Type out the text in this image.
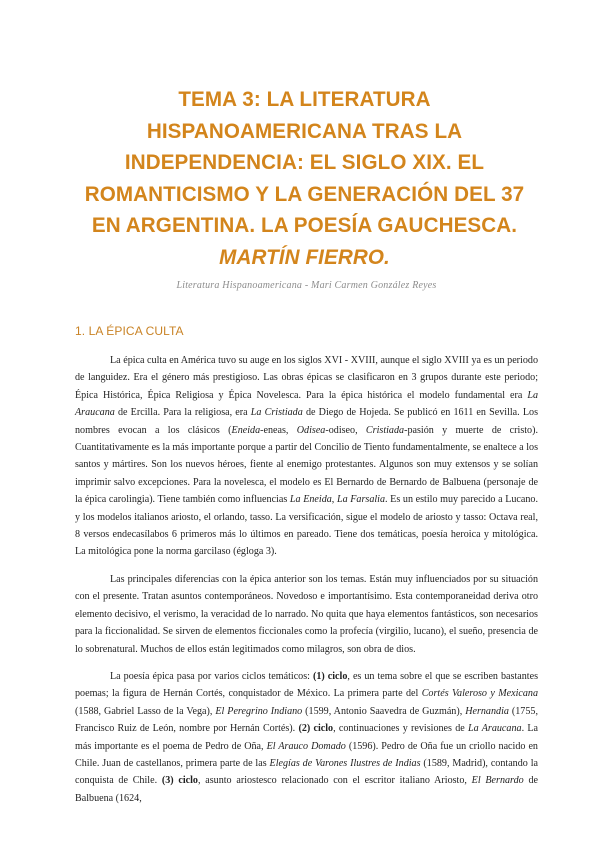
TEMA 3: LA LITERATURA HISPANOAMERICANA TRAS LA INDEPENDENCIA: EL SIGLO XIX. EL ROMANTICISMO Y LA GENERACIÓN DEL 37 EN ARGENTINA. LA POESÍA GAUCHESCA. MARTÍN FIERRO.
Literatura Hispanoamericana - Mari Carmen González Reyes
1. LA ÉPICA CULTA

La épica culta en América tuvo su auge en los siglos XVI - XVIII, aunque el siglo XVIII ya es un periodo de languidez. Era el género más prestigioso. Las obras épicas se clasificaron en 3 grupos durante este periodo; Épica Histórica, Épica Religiosa y Épica Novelesca. Para la épica histórica el modelo fundamental era La Araucana de Ercilla. Para la religiosa, era La Cristiada de Diego de Hojeda. Se publicó en 1611 en Sevilla. Los nombres evocan a los clásicos (Eneida-eneas, Odisea-odiseo, Cristiada-pasión y muerte de cristo). Cuantitativamente es la más importante porque a partir del Concilio de Tiento fundamentalmente, se enaltece a los santos y mártires. Son los nuevos héroes, fiente al enemigo protestantes. Algunos son muy extensos y se solían imprimir salvo excepciones. Para la novelesca, el modelo es El Bernardo de Bernardo de Balbuena (personaje de la épica carolingia). Tiene también como influencias La Eneida, La Farsalia. Es un estilo muy parecido a Lucano. y los modelos italianos ariosto, el orlando, tasso. La versificación, sigue el modelo de ariosto y tasso: Octava real, 8 versos endecasílabos 6 primeros más lo últimos en pareado. Tiene dos temáticas, poesía heroica y mitológica. La mitológica pone la norma garcilaso (égloga 3).

Las principales diferencias con la épica anterior son los temas. Están muy influenciados por su situación con el presente. Tratan asuntos contemporáneos. Novedoso e importantísimo. Esta contemporaneidad deriva otro elemento decisivo, el verismo, la veracidad de lo narrado. No quita que haya elementos fantásticos, son necesarios para la ficcionalidad. Se sirven de elementos ficcionales como la profecía (virgilio, lucano), el sueño, presencia de lo sobrenatural. Muchos de ellos están legitimados como milagros, son obra de dios.

La poesía épica pasa por varios ciclos temáticos: (1) ciclo, es un tema sobre el que se escriben bastantes poemas; la figura de Hernán Cortés, conquistador de México. La primera parte del Cortés Valeroso y Mexicana (1588, Gabriel Lasso de la Vega), El Peregrino Indiano (1599, Antonio Saavedra de Guzmán), Hernandia (1755, Francisco Ruiz de León, nombre por Hernán Cortés). (2) ciclo, continuaciones y revisiones de La Araucana. La más importante es el poema de Pedro de Oña, El Arauco Domado (1596). Pedro de Oña fue un criollo nacido en Chile. Juan de castellanos, primera parte de las Elegías de Varones Ilustres de Indias (1589, Madrid), contando la conquista de Chile. (3) ciclo, asunto ariostesco relacionado con el escritor italiano Ariosto, El Bernardo de Balbuena (1624,
